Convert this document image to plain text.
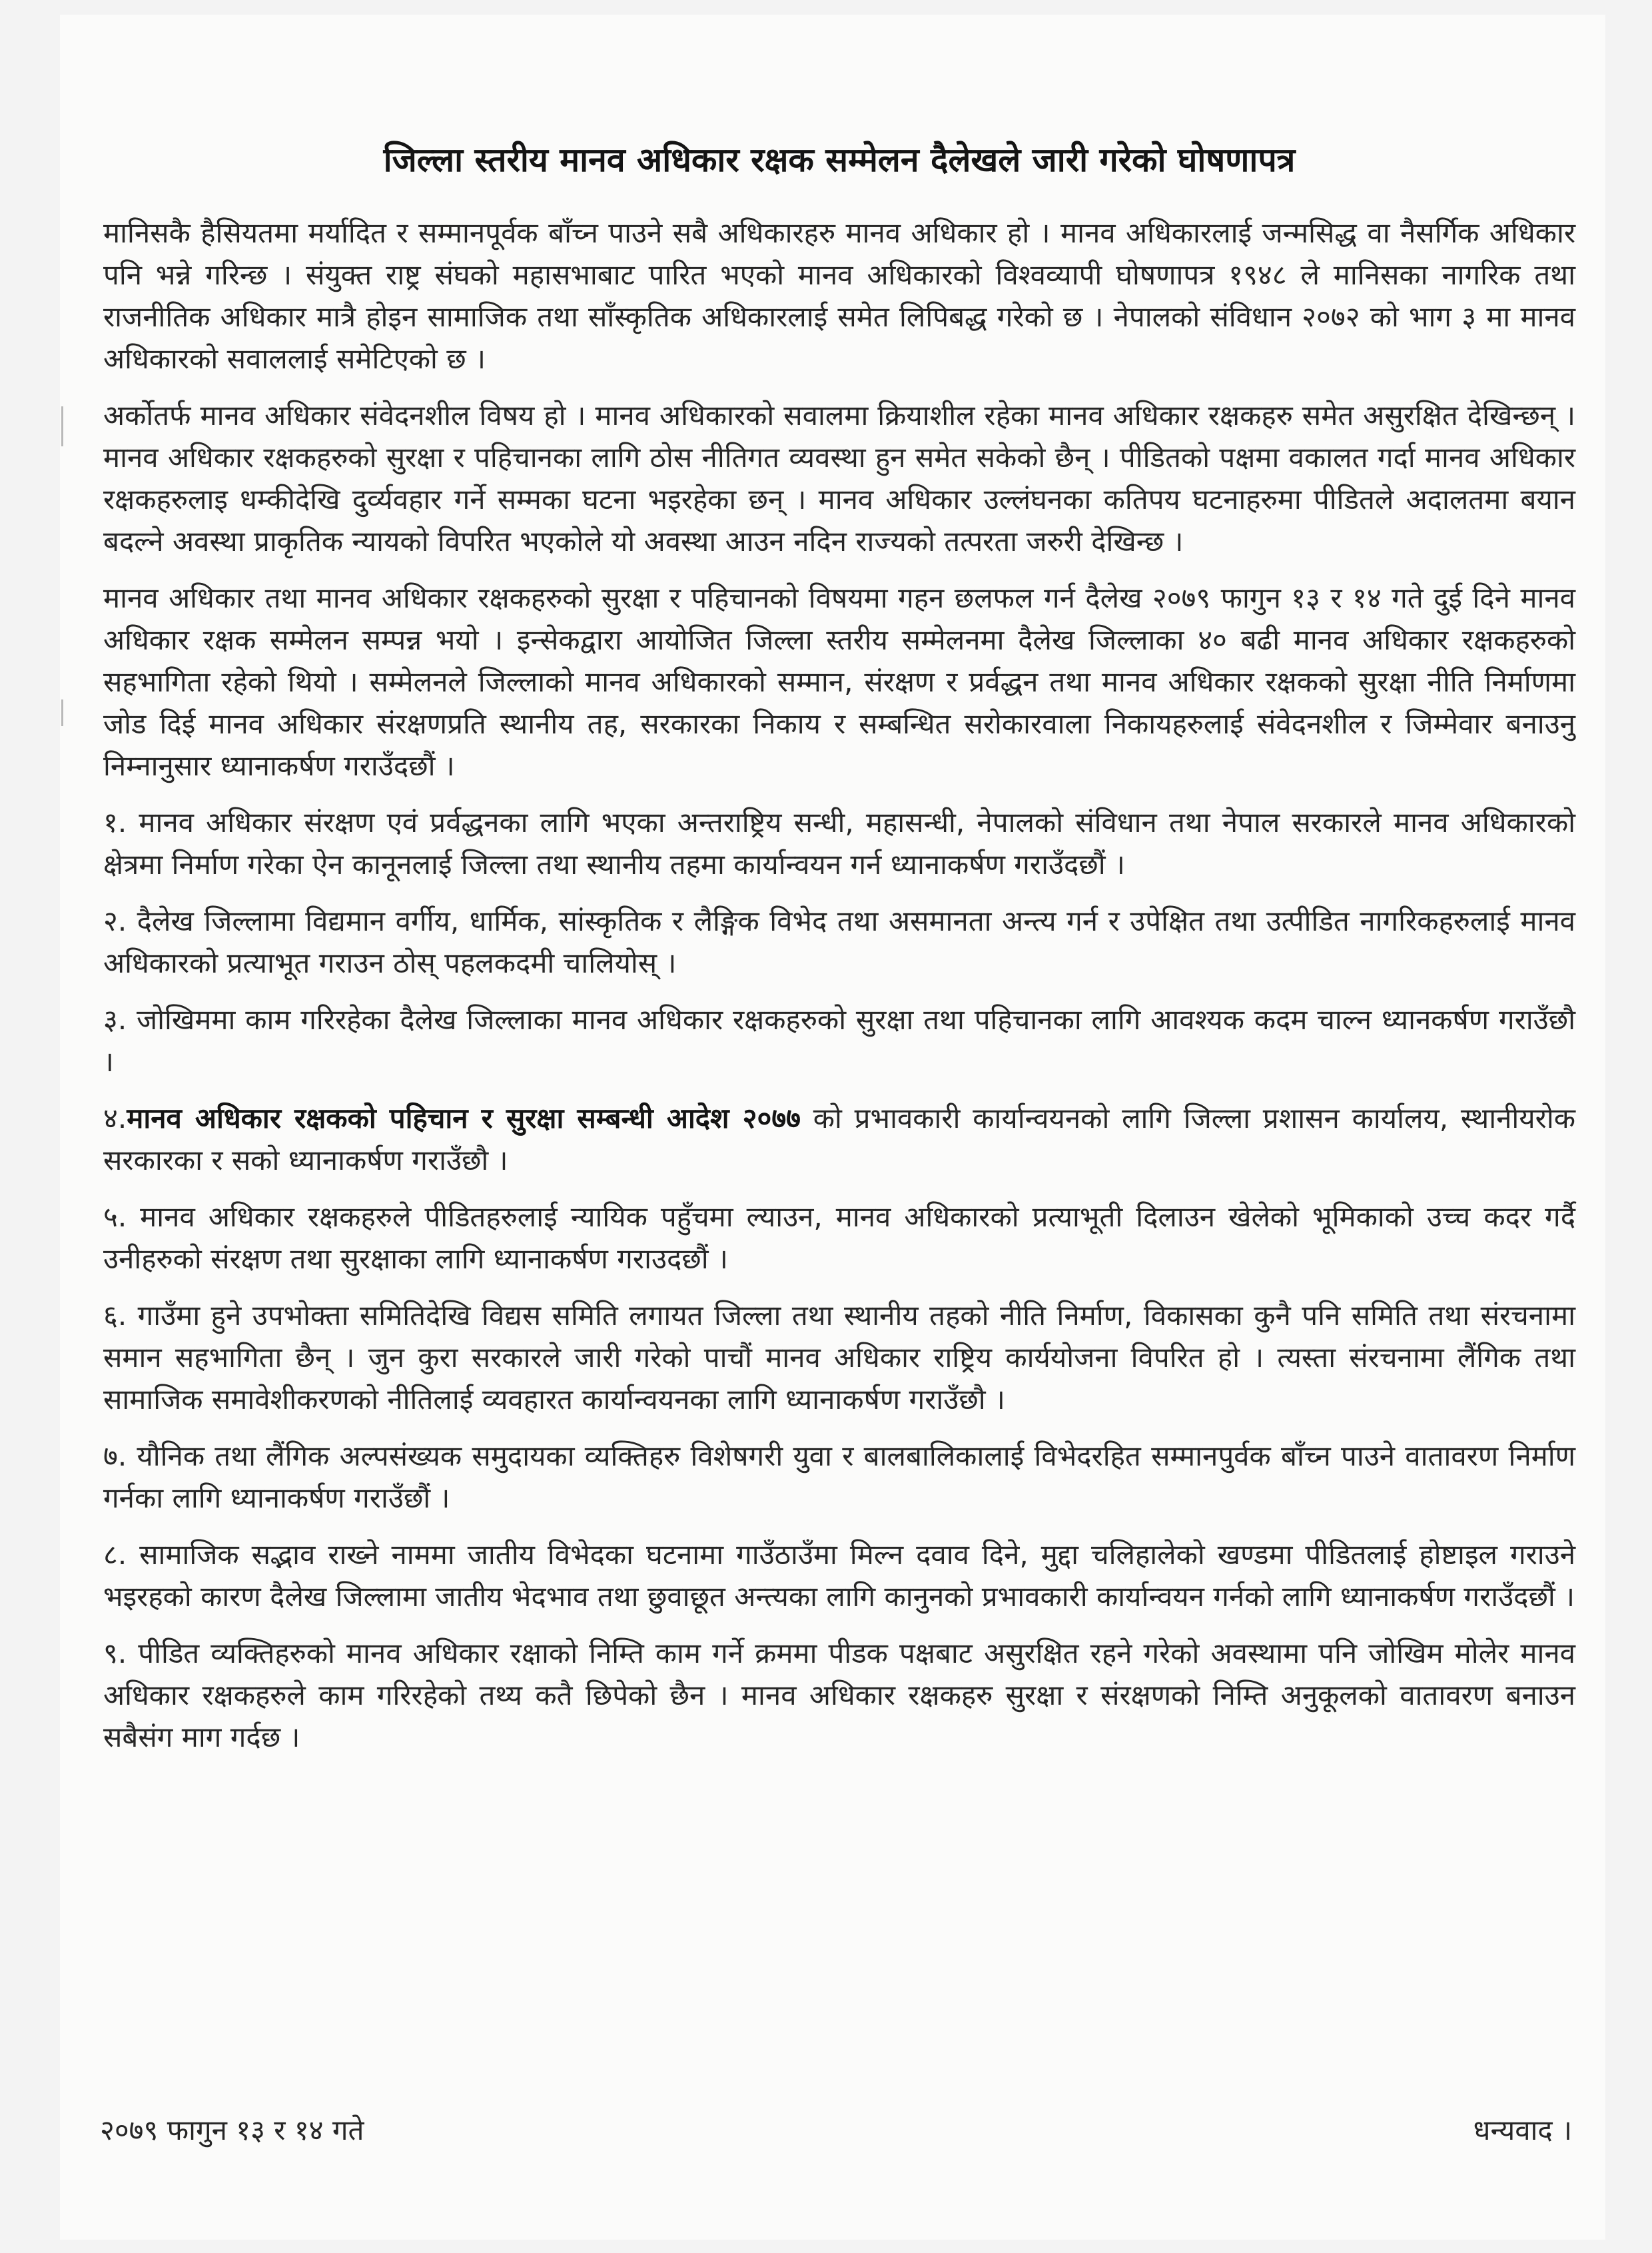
जिल्ला स्तरीय मानव अधिकार रक्षक सम्मेलन दैलेखले जारी गरेको घोषणापत्र

मानिसकै हैसियतमा मर्यादित र सम्मानपूर्वक बाँच्न पाउने सबै अधिकारहरु मानव अधिकार हो । मानव अधिकारलाई जन्मसिद्ध वा नैसर्गिक अधिकार पनि भन्ने गरिन्छ । संयुक्त राष्ट्र संघको महासभाबाट पारित भएको मानव अधिकारको विश्वव्यापी घोषणापत्र १९४८ ले मानिसका नागरिक तथा राजनीतिक अधिकार मात्रै होइन सामाजिक तथा साँस्कृतिक अधिकारलाई समेत लिपिबद्ध गरेको छ । नेपालको संविधान २०७२ को भाग ३ मा मानव अधिकारको सवाललाई समेटिएको छ ।

अर्कोतर्फ मानव अधिकार संवेदनशील विषय हो । मानव अधिकारको सवालमा क्रियाशील रहेका मानव अधिकार रक्षकहरु समेत असुरक्षित देखिन्छन् । मानव अधिकार रक्षकहरुको सुरक्षा र पहिचानका लागि ठोस नीतिगत व्यवस्था हुन समेत सकेको छैन् । पीडितको पक्षमा वकालत गर्दा मानव अधिकार रक्षकहरुलाइ धम्कीदेखि दुर्व्यवहार गर्ने सम्मका घटना भइरहेका छन् । मानव अधिकार उल्लंघनका कतिपय घटनाहरुमा पीडितले अदालतमा बयान बदल्ने अवस्था प्राकृतिक न्यायको विपरित भएकोले यो अवस्था आउन नदिन राज्यको तत्परता जरुरी देखिन्छ ।

मानव अधिकार तथा मानव अधिकार रक्षकहरुको सुरक्षा र पहिचानको विषयमा गहन छलफल गर्न दैलेख २०७९ फागुन १३ र १४ गते दुई दिने मानव अधिकार रक्षक सम्मेलन सम्पन्न भयो । इन्सेकद्वारा आयोजित जिल्ला स्तरीय सम्मेलनमा दैलेख जिल्लाका ४० बढी मानव अधिकार रक्षकहरुको सहभागिता रहेको थियो । सम्मेलनले जिल्लाको मानव अधिकारको सम्मान, संरक्षण र प्रर्वद्धन तथा मानव अधिकार रक्षकको सुरक्षा नीति निर्माणमा जोड दिई मानव अधिकार संरक्षणप्रति स्थानीय तह, सरकारका निकाय र सम्बन्धित सरोकारवाला निकायहरुलाई संवेदनशील र जिम्मेवार बनाउनु निम्नानुसार ध्यानाकर्षण गराउँदछौं ।

१. मानव अधिकार संरक्षण एवं प्रर्वद्धनका लागि भएका अन्तराष्ट्रिय सन्धी, महासन्धी, नेपालको संविधान तथा नेपाल सरकारले मानव अधिकारको क्षेत्रमा निर्माण गरेका ऐन कानूनलाई जिल्ला तथा स्थानीय तहमा कार्यान्वयन गर्न ध्यानाकर्षण गराउँदछौं ।

२. दैलेख जिल्लामा विद्यमान वर्गीय, धार्मिक, सांस्कृतिक र लैङ्गिक विभेद तथा असमानता अन्त्य गर्न र उपेक्षित तथा उत्पीडित नागरिकहरुलाई मानव अधिकारको प्रत्याभूत गराउन ठोस् पहलकदमी चालियोस् ।

३. जोखिममा काम गरिरहेका दैलेख जिल्लाका मानव अधिकार रक्षकहरुको सुरक्षा तथा पहिचानका लागि आवश्यक कदम चाल्न ध्यानकर्षण गराउँछौ ।

४.मानव अधिकार रक्षकको पहिचान र सुरक्षा सम्बन्धी आदेश २०७७ को प्रभावकारी कार्यान्वयनको लागि जिल्ला प्रशासन कार्यालय, स्थानीयरोक सरकारका र सको ध्यानाकर्षण गराउँछौ ।

५. मानव अधिकार रक्षकहरुले पीडितहरुलाई न्यायिक पहुँचमा ल्याउन, मानव अधिकारको प्रत्याभूती दिलाउन खेलेको भूमिकाको उच्च कदर गर्दै उनीहरुको संरक्षण तथा सुरक्षाका लागि ध्यानाकर्षण गराउदछौं ।

६. गाउँमा हुने उपभोक्ता समितिदेखि विद्यस समिति लगायत जिल्ला तथा स्थानीय तहको नीति निर्माण, विकासका कुनै पनि समिति तथा संरचनामा समान सहभागिता छैन् । जुन कुरा सरकारले जारी गरेको पाचौं मानव अधिकार राष्ट्रिय कार्ययोजना विपरित हो । त्यस्ता संरचनामा लैंगिक तथा सामाजिक समावेशीकरणको नीतिलाई व्यवहारत कार्यान्वयनका लागि ध्यानाकर्षण गराउँछौ ।

७. यौनिक तथा लैंगिक अल्पसंख्यक समुदायका व्यक्तिहरु विशेषगरी युवा र बालबालिकालाई विभेदरहित सम्मानपुर्वक बाँच्न पाउने वातावरण निर्माण गर्नका लागि ध्यानाकर्षण गराउँछौं ।

८. सामाजिक सद्भाव राख्ने नाममा जातीय विभेदका घटनामा गाउँठाउँमा मिल्न दवाव दिने, मुद्दा चलिहालेको खण्डमा पीडितलाई होष्टाइल गराउने भइरहको कारण दैलेख जिल्लामा जातीय भेदभाव तथा छुवाछूत अन्त्यका लागि कानुनको प्रभावकारी कार्यान्वयन गर्नको लागि ध्यानाकर्षण गराउँदछौं ।

९. पीडित व्यक्तिहरुको मानव अधिकार रक्षाको निम्ति काम गर्ने क्रममा पीडक पक्षबाट असुरक्षित रहने गरेको अवस्थामा पनि जोखिम मोलेर मानव अधिकार रक्षकहरुले काम गरिरहेको तथ्य कतै छिपेको छैन । मानव अधिकार रक्षकहरु सुरक्षा र संरक्षणको निम्ति अनुकूलको वातावरण बनाउन सबैसंग माग गर्दछ ।

२०७९ फागुन १३ र १४ गते	धन्यवाद ।
